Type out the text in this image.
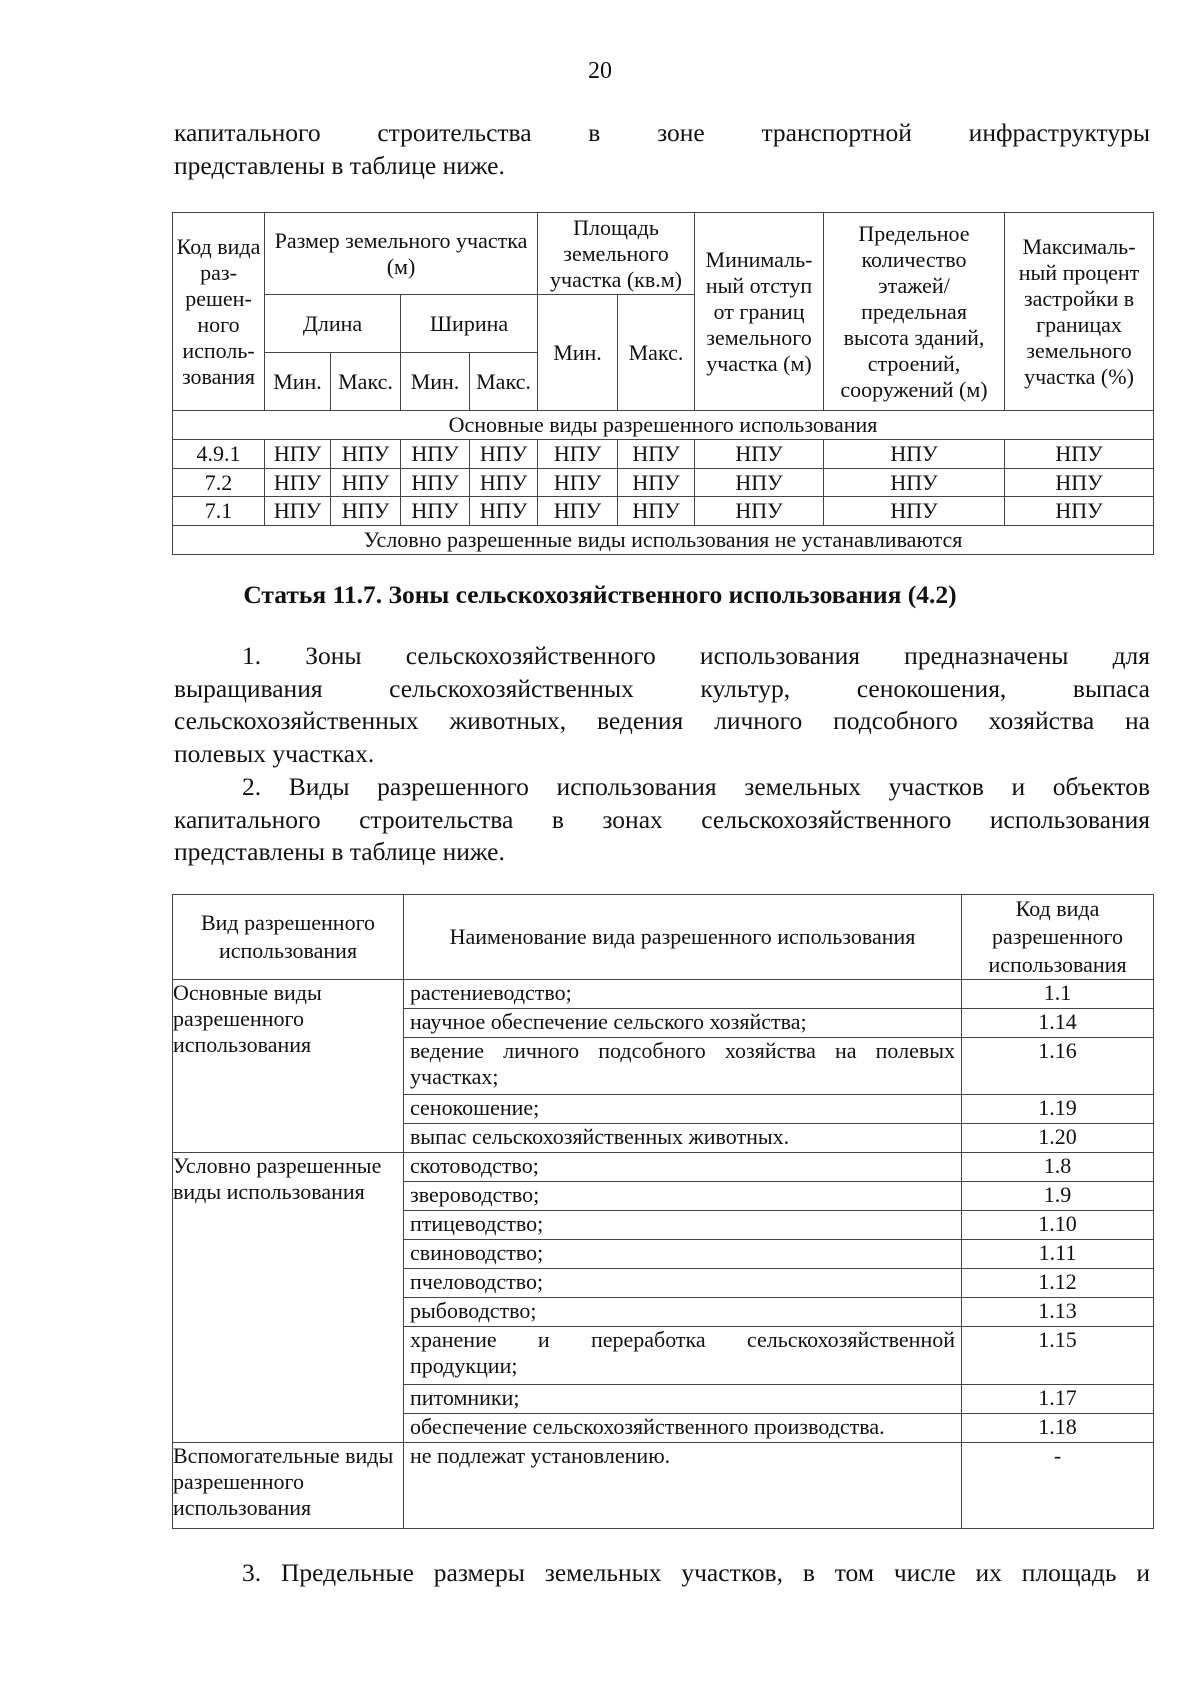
20
капитального строительства в зоне транспортной инфраструктуры
представлены в таблице ниже.
Код вида раз-решен-ного исполь-зования	Размер земельного участка (м)				Площадь земельного участка (кв.м)		Минималь-ный отступ от границ земельного участка (м)	Предельное количество этажей/ предельная высота зданий, строений, сооружений (м)	Максималь-ный процент застройки в границах земельного участка (%)
	Длина		Ширина		Мин.	Макс.			
	Мин.	Макс.	Мин.	Макс.					
Основные виды разрешенного использования									
4.9.1	НПУ	НПУ	НПУ	НПУ	НПУ	НПУ	НПУ	НПУ	НПУ
7.2	НПУ	НПУ	НПУ	НПУ	НПУ	НПУ	НПУ	НПУ	НПУ
7.1	НПУ	НПУ	НПУ	НПУ	НПУ	НПУ	НПУ	НПУ	НПУ
Условно разрешенные виды использования не устанавливаются									
Статья 11.7. Зоны сельскохозяйственного использования (4.2)
1. Зоны сельскохозяйственного использования предназначены для
выращивания сельскохозяйственных культур, сенокошения, выпаса
сельскохозяйственных животных, ведения личного подсобного хозяйства на
полевых участках.
2. Виды разрешенного использования земельных участков и объектов
капитального строительства в зонах сельскохозяйственного использования
представлены в таблице ниже.
Вид разрешенного использования	Наименование вида разрешенного использования	Код вида разрешенного использования
Основные виды разрешенного использования	растениеводство;	1.1
	научное обеспечение сельского хозяйства;	1.14
	ведение личного подсобного хозяйства на полевых участках;	1.16
	сенокошение;	1.19
	выпас сельскохозяйственных животных.	1.20
Условно разрешенные виды использования	скотоводство;	1.8
	звероводство;	1.9
	птицеводство;	1.10
	свиноводство;	1.11
	пчеловодство;	1.12
	рыбоводство;	1.13
	хранение и переработка сельскохозяйственной продукции;	1.15
	питомники;	1.17
	обеспечение сельскохозяйственного производства.	1.18
Вспомогательные виды разрешенного использования	не подлежат установлению.	-
3. Предельные размеры земельных участков, в том числе их площадь и
